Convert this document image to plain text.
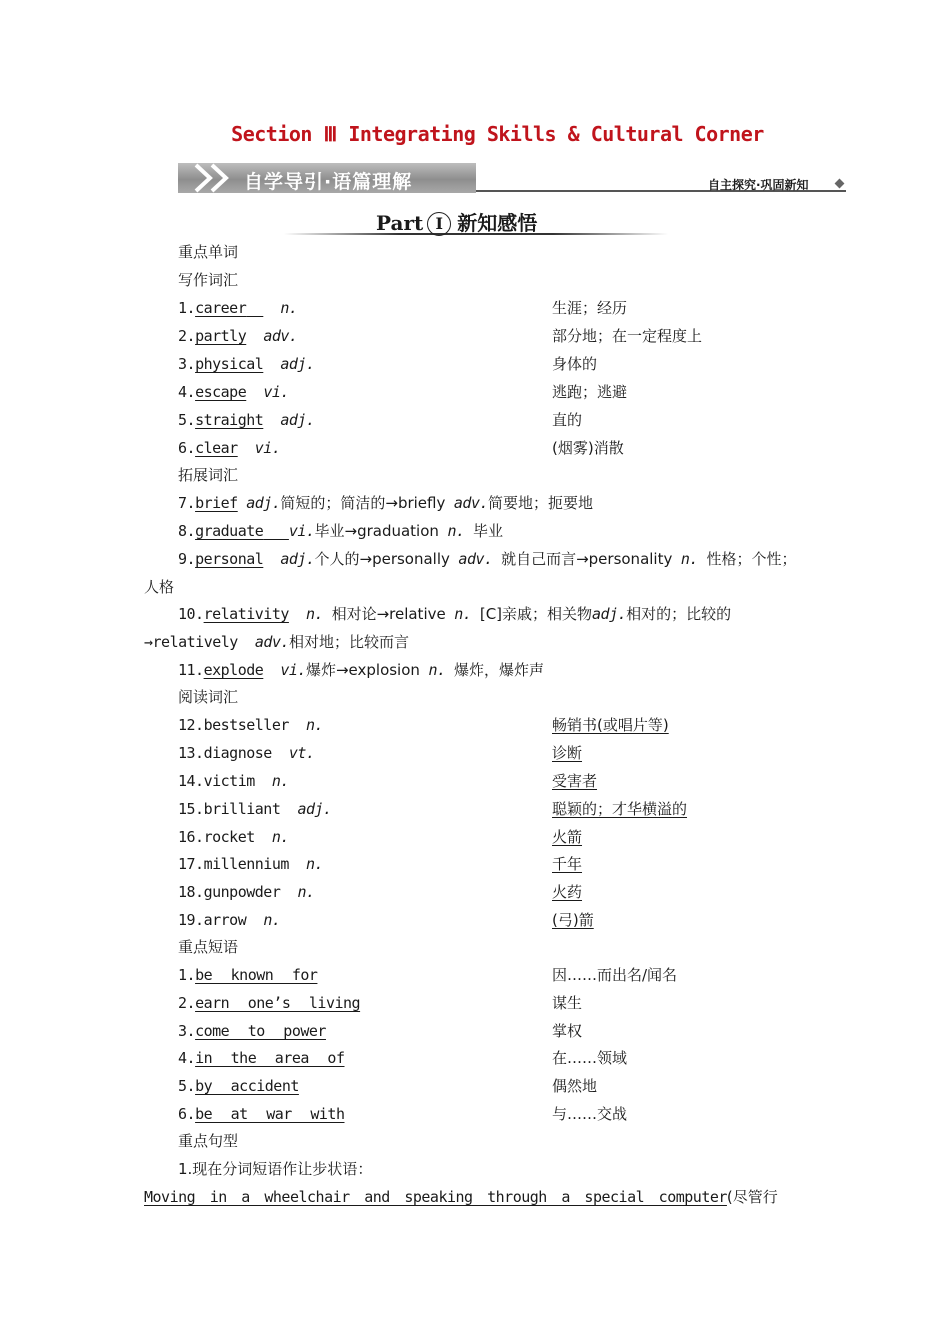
Section Ⅲ Integrating Skills & Cultural Corner
自学导引·语篇理解	自主探究·巩固新知
Part I 新知感悟
重点单词
写作词汇
1.career n.	生涯；经历
2.partly adv.	部分地；在一定程度上
3.physical adj.	身体的
4.escape vi.	逃跑；逃避
5.straight adj.	直的
6.clear vi.	(烟雾)消散
拓展词汇
7.brief adj.简短的；简洁的→briefly adv.简要地；扼要地
8.graduate vi.毕业→graduation n. 毕业
9.personal adj.个人的→personally adv. 就自己而言→personality n. 性格；个性；
人格
10.relativity n. 相对论→relative n. [C]亲戚；相关物adj.相对的；比较的
→relatively adv.相对地；比较而言
11.explode vi.爆炸→explosion n. 爆炸，爆炸声
阅读词汇
12.bestseller n.	畅销书(或唱片等)
13.diagnose vt.	诊断
14.victim n.	受害者
15.brilliant adj.	聪颖的；才华横溢的
16.rocket n.	火箭
17.millennium n.	千年
18.gunpowder n.	火药
19.arrow n.	(弓)箭
重点短语
1.be known for	因……而出名/闻名
2.earn one’s living	谋生
3.come to power	掌权
4.in the area of	在……领域
5.by accident	偶然地
6.be at war with	与……交战
重点句型
1.现在分词短语作让步状语：
Moving in a wheelchair and speaking through a special computer(尽管行
